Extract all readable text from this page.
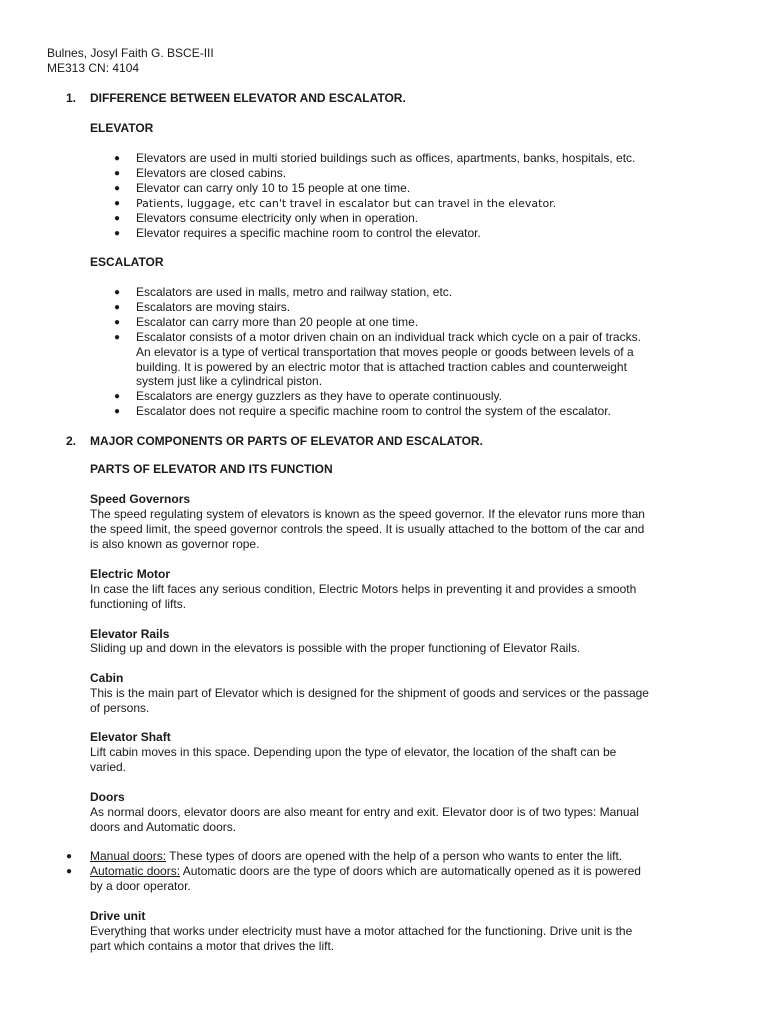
Bulnes, Josyl Faith G. BSCE-III
ME313 CN: 4104
1. DIFFERENCE BETWEEN ELEVATOR AND ESCALATOR.
ELEVATOR
● Elevators are used in multi storied buildings such as offices, apartments, banks, hospitals, etc.
● Elevators are closed cabins.
● Elevator can carry only 10 to 15 people at one time.
● Patients, luggage, etc can't travel in escalator but can travel in the elevator.
● Elevators consume electricity only when in operation.
● Elevator requires a specific machine room to control the elevator.
ESCALATOR
● Escalators are used in malls, metro and railway station, etc.
● Escalators are moving stairs.
● Escalator can carry more than 20 people at one time.
● Escalator consists of a motor driven chain on an individual track which cycle on a pair of tracks.
An elevator is a type of vertical transportation that moves people or goods between levels of a
building. It is powered by an electric motor that is attached traction cables and counterweight
system just like a cylindrical piston.
● Escalators are energy guzzlers as they have to operate continuously.
● Escalator does not require a specific machine room to control the system of the escalator.
2. MAJOR COMPONENTS OR PARTS OF ELEVATOR AND ESCALATOR.
PARTS OF ELEVATOR AND ITS FUNCTION
Speed Governors
The speed regulating system of elevators is known as the speed governor. If the elevator runs more than
the speed limit, the speed governor controls the speed. It is usually attached to the bottom of the car and
is also known as governor rope.
Electric Motor
In case the lift faces any serious condition, Electric Motors helps in preventing it and provides a smooth
functioning of lifts.
Elevator Rails
Sliding up and down in the elevators is possible with the proper functioning of Elevator Rails.
Cabin
This is the main part of Elevator which is designed for the shipment of goods and services or the passage
of persons.
Elevator Shaft
Lift cabin moves in this space. Depending upon the type of elevator, the location of the shaft can be
varied.
Doors
As normal doors, elevator doors are also meant for entry and exit. Elevator door is of two types: Manual
doors and Automatic doors.
● Manual doors: These types of doors are opened with the help of a person who wants to enter the lift.
● Automatic doors: Automatic doors are the type of doors which are automatically opened as it is powered
by a door operator.
Drive unit
Everything that works under electricity must have a motor attached for the functioning. Drive unit is the
part which contains a motor that drives the lift.
